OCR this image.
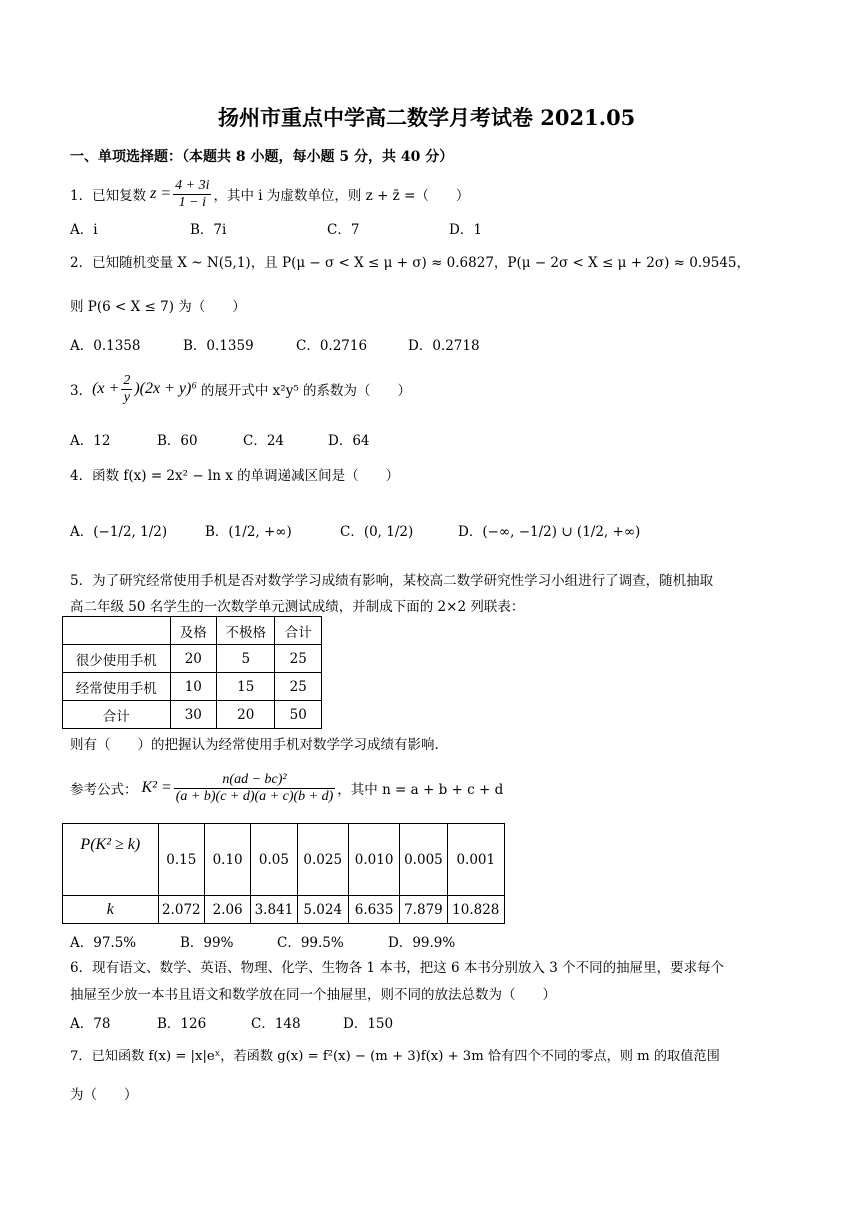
扬州市重点中学高二数学月考试卷 2021.05
一、单项选择题：（本题共 8 小题，每小题 5 分，共 40 分）
1．已知复数 $z = \frac{4 + 3i}{1 - i}$ ，其中 i 为虚数单位，则 z + z̄ =（　　）
A．i	B．7i	C．7	D．1
2．已知随机变量 X ~ N(5,1)，且 P(μ − σ < X ≤ μ + σ) ≈ 0.6827，P(μ − 2σ < X ≤ μ + 2σ) ≈ 0.9545，
则 P(6 < X ≤ 7) 为（　　）
A．0.1358	B．0.1359	C．0.2716	D．0.2718
3． $(x + \frac{2}{y} )(2x + y)^6$ 的展开式中 x²y⁵ 的系数为（　　）
A．12	B．60	C．24	D．64
4．函数 f(x) = 2x² − ln x 的单调递减区间是（　　）
A．(−1/2, 1/2)	B．(1/2, +∞)	C．(0, 1/2)	D．(−∞, −1/2) ∪ (1/2, +∞)
5．为了研究经常使用手机是否对数学学习成绩有影响，某校高二数学研究性学习小组进行了调查，随机抽取
高二年级 50 名学生的一次数学单元测试成绩，并制成下面的 2×2 列联表：
	及格	不极格	合计
很少使用手机	20	5	25
经常使用手机	10	15	25
合计	30	20	50
则有（　　）的把握认为经常使用手机对数学学习成绩有影响.
参考公式： $K^2 = \frac{\text{n(ad − bc)²}}{(a + b)(c + d)(a + c)(b + d)}$ ，其中 n = a + b + c + d
P(K² ≥ k)	0.15	0.10	0.05	0.025	0.010	0.005	0.001
k	2.072	2.06	3.841	5.024	6.635	7.879	10.828
A．97.5%	B．99%	C．99.5%	D．99.9%
6．现有语文、数学、英语、物理、化学、生物各 1 本书，把这 6 本书分别放入 3 个不同的抽屉里，要求每个
抽屉至少放一本书且语文和数学放在同一个抽屉里，则不同的放法总数为（　　）
A．78	B．126	C．148	D．150
7．已知函数 f(x) = |x|eˣ，若函数 g(x) = f²(x) − (m + 3)f(x) + 3m 恰有四个不同的零点，则 m 的取值范围
为（　　）
